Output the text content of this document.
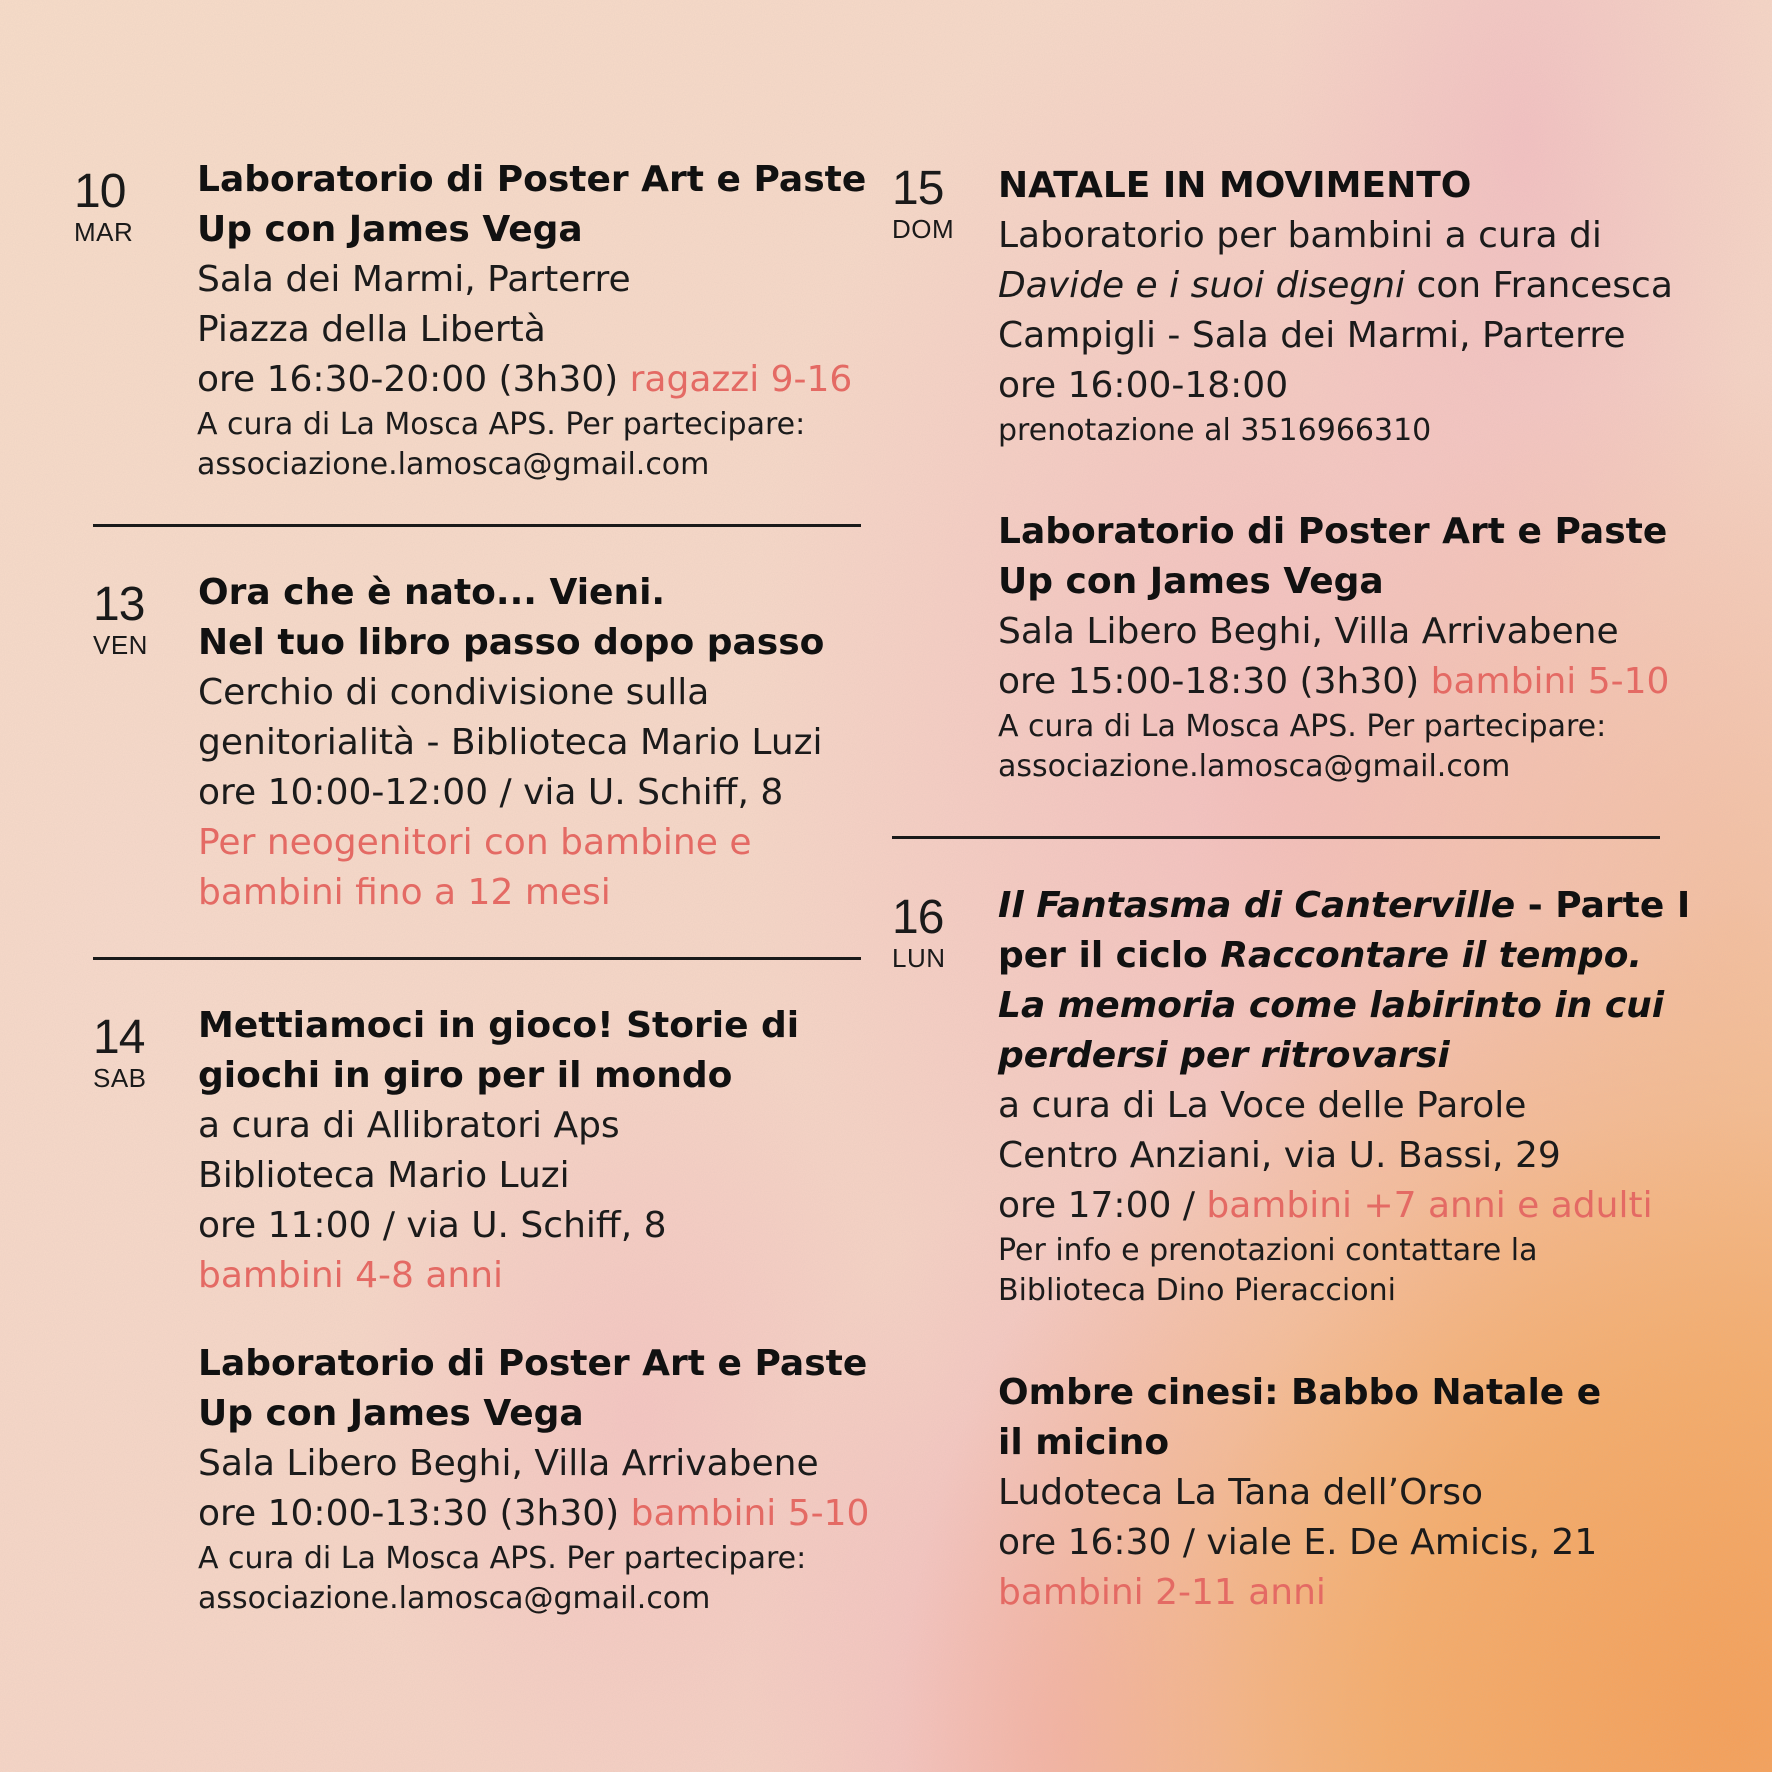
10
MAR
Laboratorio di Poster Art e Paste
Up con James Vega
Sala dei Marmi, Parterre
Piazza della Libertà
ore 16:30-20:00 (3h30) ragazzi 9-16
A cura di La Mosca APS. Per partecipare:
associazione.lamosca@gmail.com
13
VEN
Ora che è nato... Vieni.
Nel tuo libro passo dopo passo
Cerchio di condivisione sulla
genitorialità - Biblioteca Mario Luzi
ore 10:00-12:00 / via U. Schiff, 8
Per neogenitori con bambine e
bambini fino a 12 mesi
14
SAB
Mettiamoci in gioco! Storie di
giochi in giro per il mondo
a cura di Allibratori Aps
Biblioteca Mario Luzi
ore 11:00 / via U. Schiff, 8
bambini 4-8 anni
Laboratorio di Poster Art e Paste
Up con James Vega
Sala Libero Beghi, Villa Arrivabene
ore 10:00-13:30 (3h30) bambini 5-10
A cura di La Mosca APS. Per partecipare:
associazione.lamosca@gmail.com
15
DOM
NATALE IN MOVIMENTO
Laboratorio per bambini a cura di
Davide e i suoi disegni con Francesca
Campigli - Sala dei Marmi, Parterre
ore 16:00-18:00
prenotazione al 3516966310
Laboratorio di Poster Art e Paste
Up con James Vega
Sala Libero Beghi, Villa Arrivabene
ore 15:00-18:30 (3h30) bambini 5-10
A cura di La Mosca APS. Per partecipare:
associazione.lamosca@gmail.com
16
LUN
Il Fantasma di Canterville - Parte I
per il ciclo Raccontare il tempo.
La memoria come labirinto in cui
perdersi per ritrovarsi
a cura di La Voce delle Parole
Centro Anziani, via U. Bassi, 29
ore 17:00 / bambini +7 anni e adulti
Per info e prenotazioni contattare la
Biblioteca Dino Pieraccioni
Ombre cinesi: Babbo Natale e
il micino
Ludoteca La Tana dell’Orso
ore 16:30 / viale E. De Amicis, 21
bambini 2-11 anni
